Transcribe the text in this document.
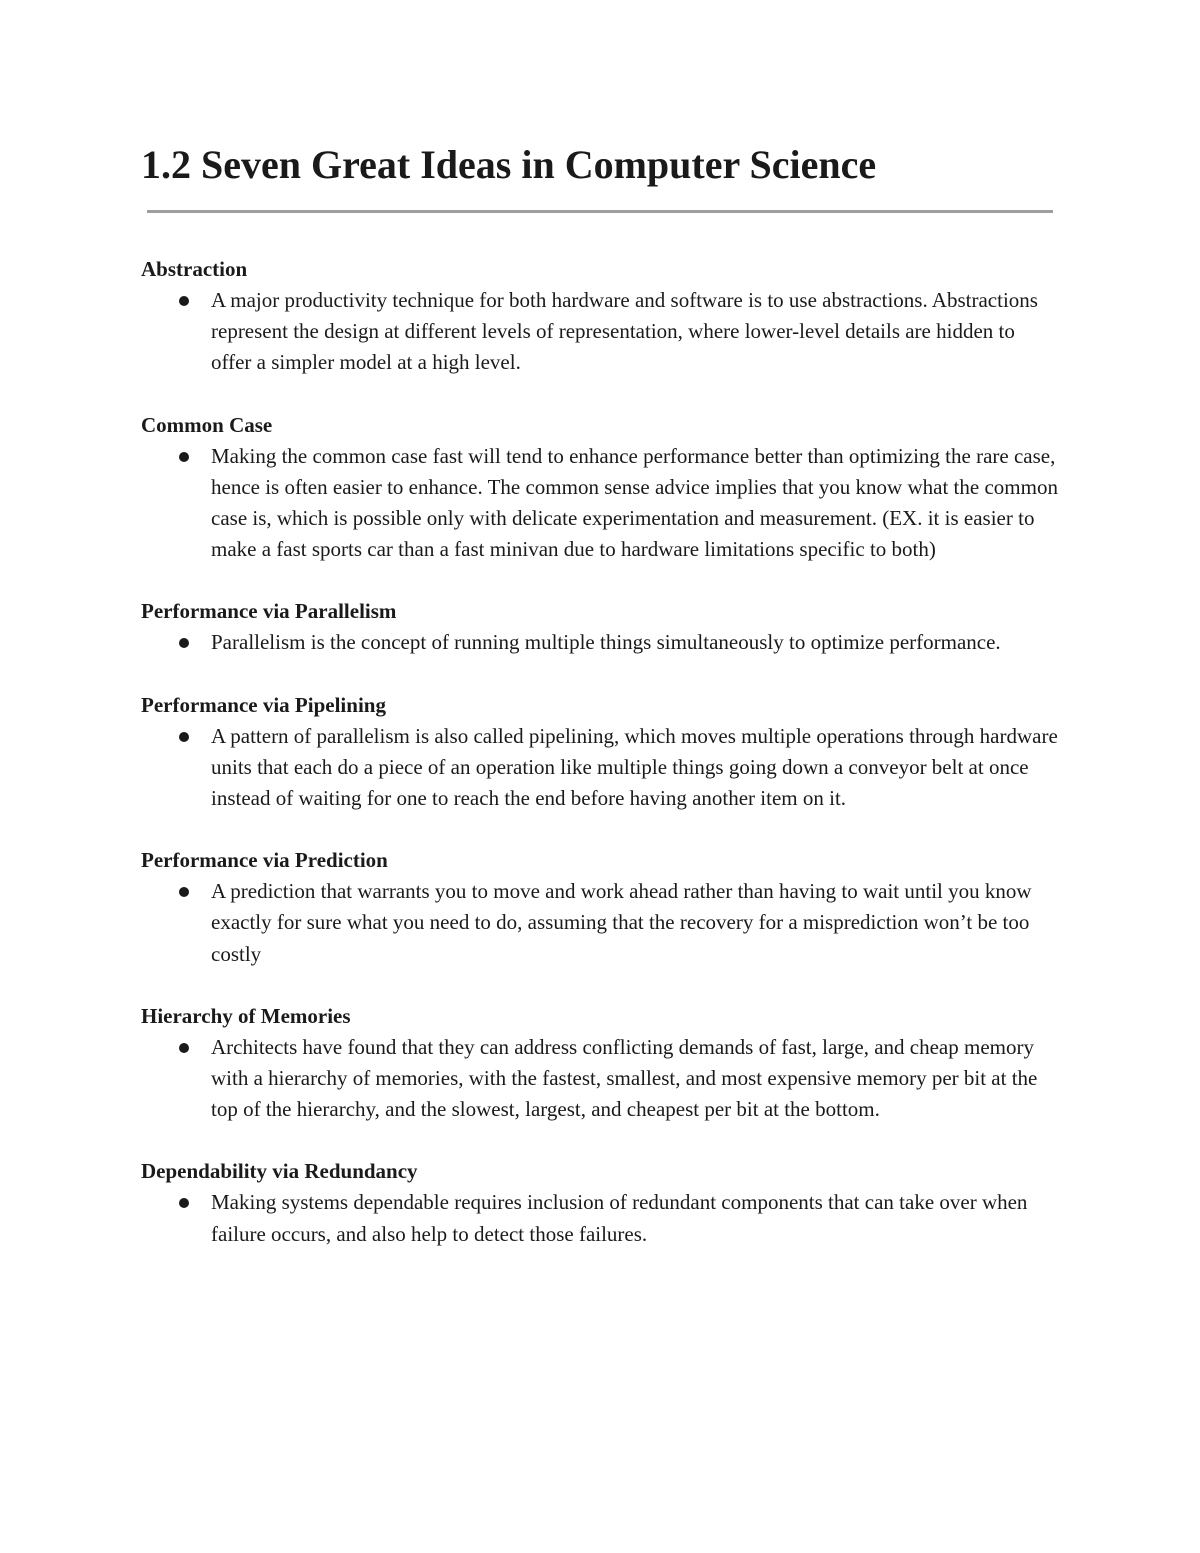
1.2 Seven Great Ideas in Computer Science

Abstraction

A major productivity technique for both hardware and software is to use abstractions. Abstractions represent the design at different levels of representation, where lower-level details are hidden to offer a simpler model at a high level.

Common Case

Making the common case fast will tend to enhance performance better than optimizing the rare case, hence is often easier to enhance. The common sense advice implies that you know what the common case is, which is possible only with delicate experimentation and measurement. (EX. it is easier to make a fast sports car than a fast minivan due to hardware limitations specific to both)

Performance via Parallelism

Parallelism is the concept of running multiple things simultaneously to optimize performance.

Performance via Pipelining

A pattern of parallelism is also called pipelining, which moves multiple operations through hardware units that each do a piece of an operation like multiple things going down a conveyor belt at once instead of waiting for one to reach the end before having another item on it.

Performance via Prediction

A prediction that warrants you to move and work ahead rather than having to wait until you know exactly for sure what you need to do, assuming that the recovery for a misprediction won’t be too costly

Hierarchy of Memories

Architects have found that they can address conflicting demands of fast, large, and cheap memory with a hierarchy of memories, with the fastest, smallest, and most expensive memory per bit at the top of the hierarchy, and the slowest, largest, and cheapest per bit at the bottom.

Dependability via Redundancy

Making systems dependable requires inclusion of redundant components that can take over when failure occurs, and also help to detect those failures.
